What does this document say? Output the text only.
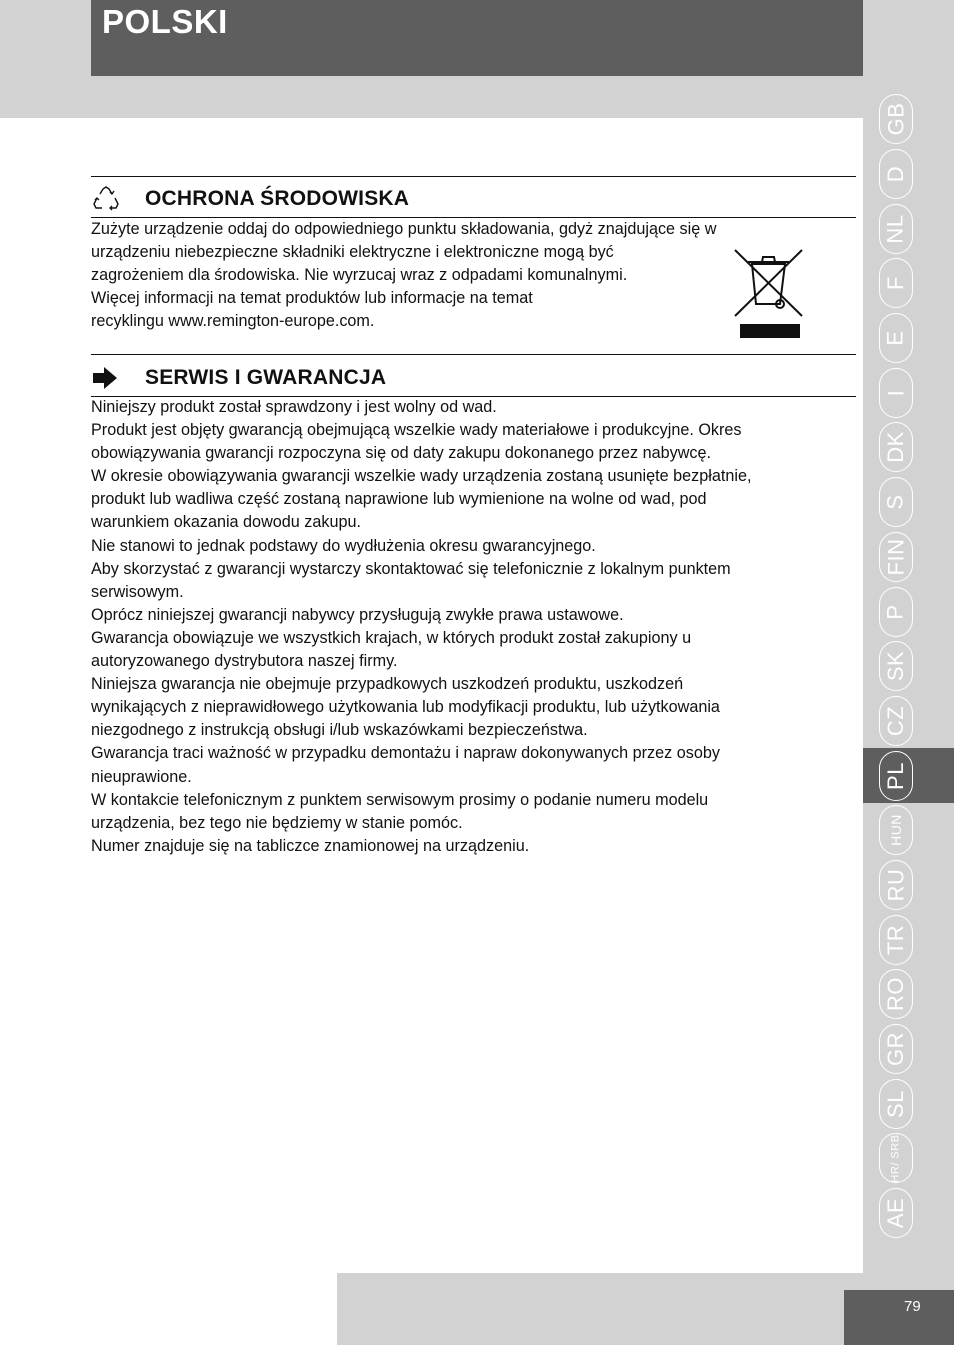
POLSKI
OCHRONA ŚRODOWISKA

Zużyte urządzenie oddaj do odpowiedniego punktu składowania, gdyż znajdujące się w

urządzeniu niebezpieczne składniki elektryczne i elektroniczne mogą być

zagrożeniem dla środowiska. Nie wyrzucaj wraz z odpadami komunalnymi.

Więcej informacji na temat produktów lub informacje na temat

recyklingu www.remington-europe.com.

SERWIS I GWARANCJA

Niniejszy produkt został sprawdzony i jest wolny od wad.

Produkt jest objęty gwarancją obejmującą wszelkie wady materiałowe i produkcyjne. Okres

obowiązywania gwarancji rozpoczyna się od daty zakupu dokonanego przez nabywcę.

W okresie obowiązywania gwarancji wszelkie wady urządzenia zostaną usunięte bezpłatnie,

produkt lub wadliwa część zostaną naprawione lub wymienione na wolne od wad, pod

warunkiem okazania dowodu zakupu.

Nie stanowi to jednak podstawy do wydłużenia okresu gwarancyjnego.

Aby skorzystać z gwarancji wystarczy skontaktować się telefonicznie z lokalnym punktem

serwisowym.

Oprócz niniejszej gwarancji nabywcy przysługują zwykłe prawa ustawowe.

Gwarancja obowiązuje we wszystkich krajach, w których produkt został zakupiony u

autoryzowanego dystrybutora naszej firmy.

Niniejsza gwarancja nie obejmuje przypadkowych uszkodzeń produktu, uszkodzeń

wynikających z nieprawidłowego użytkowania lub modyfikacji produktu, lub użytkowania

niezgodnego z instrukcją obsługi i/lub wskazówkami bezpieczeństwa.

Gwarancja traci ważność w przypadku demontażu i napraw dokonywanych przez osoby

nieuprawione.

W kontakcie telefonicznym z punktem serwisowym prosimy o podanie numeru modelu

urządzenia, bez tego nie będziemy w stanie pomóc.

Numer znajduje się na tabliczce znamionowej na urządzeniu.

GB
D
NL
F
E
I
DK
S
FIN
P
SK
CZ
PL
HUN
RU
TR
RO
GR
SL
HR/ SRB
AE
79
